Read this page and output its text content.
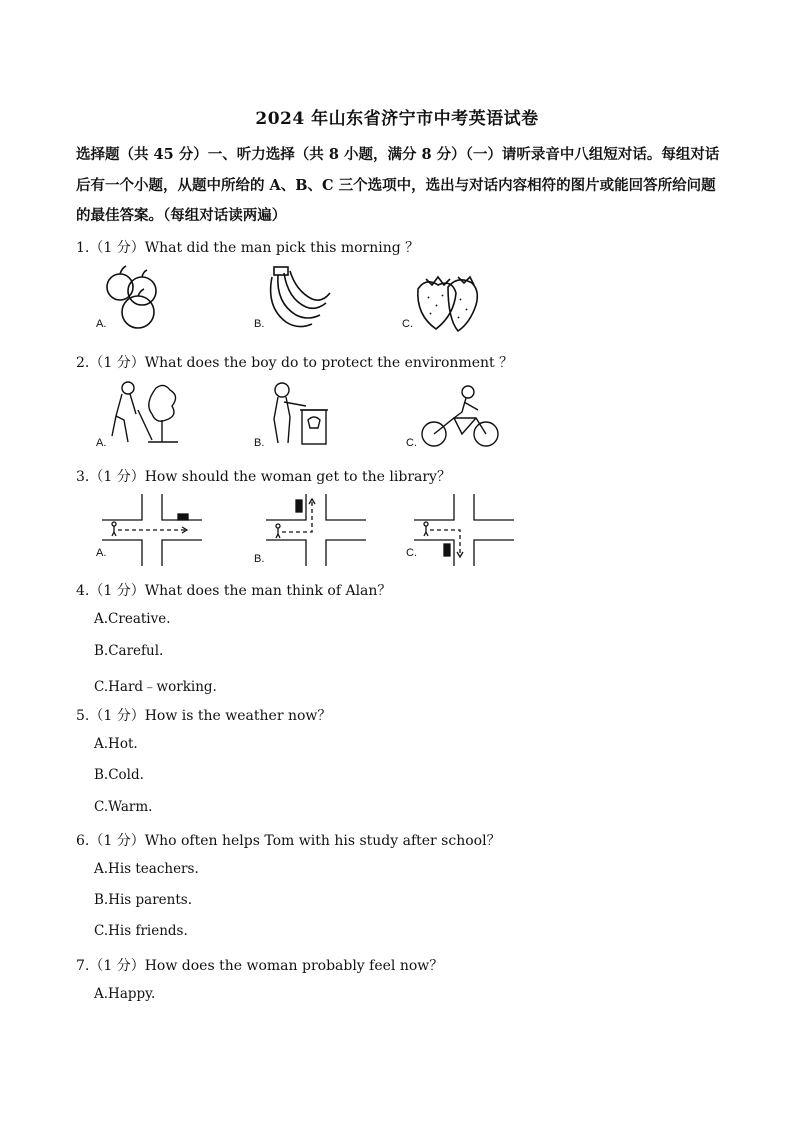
2024 年山东省济宁市中考英语试卷
选择题（共 45 分）一、听力选择（共 8 小题，满分 8 分）（一）请听录音中八组短对话。每组对话后有一个小题，从题中所给的 A、B、C 三个选项中，选出与对话内容相符的图片或能回答所给问题的最佳答案。（每组对话读两遍）
1.（1 分）What did the man pick this morning ？
A.	B.	C.
2.（1 分）What does the boy do to protect the environment ？
A.	B.	C.
3.（1 分）How should the woman get to the library？
A.	B.	C.
4.（1 分）What does the man think of Alan？
A.Creative.
B.Careful.
C.Hard﹣working.
5.（1 分）How is the weather now？
A.Hot.
B.Cold.
C.Warm.
6.（1 分）Who often helps Tom with his study after school？
A.His teachers.
B.His parents.
C.His friends.
7.（1 分）How does the woman probably feel now？
A.Happy.
